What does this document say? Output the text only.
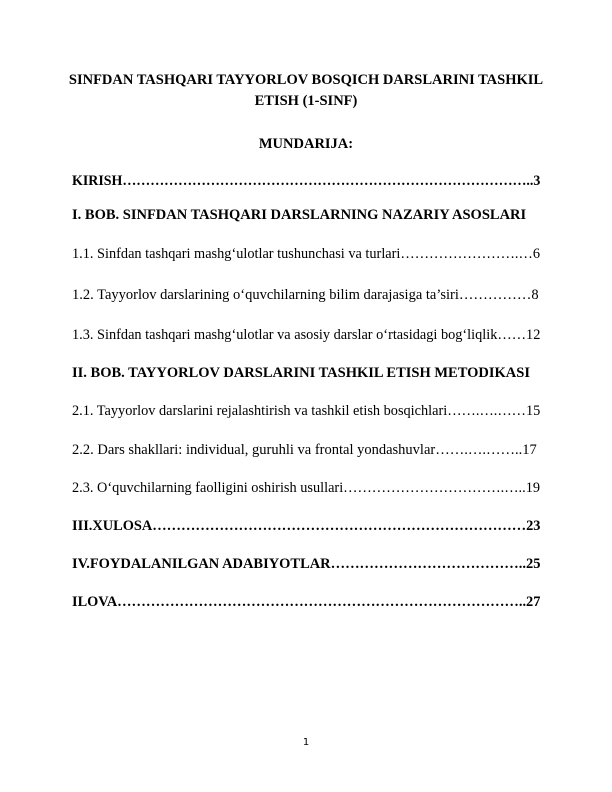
SINFDAN TASHQARI TAYYORLOV BOSQICH DARSLARINI TASHKIL
ETISH (1-SINF)

MUNDARIJA:

KIRISH……………………………………………………………………………..3

I. BOB. SINFDAN TASHQARI DARSLARNING NAZARIY ASOSLARI

1.1. Sinfdan tashqari mashg‘ulotlar tushunchasi va turlari…………………….…6

1.2. Tayyorlov darslarining o‘quvchilarning bilim darajasiga ta’siri……………8

1.3. Sinfdan tashqari mashg‘ulotlar va asosiy darslar o‘rtasidagi bog‘liqlik……12

II. BOB. TAYYORLOV DARSLARINI TASHKIL ETISH METODIKASI

2.1. Tayyorlov darslarini rejalashtirish va tashkil etish bosqichlari…….….……15

2.2. Dars shakllari: individual, guruhli va frontal yondashuvlar…….….……..17

2.3. O‘quvchilarning faolligini oshirish usullari…………………………….…..19

III.XULOSA……………………………………………………………………23

IV.FOYDALANILGAN ADABIYOTLAR…………………………………..25

ILOVA…………………………………………………………………………..27

1
